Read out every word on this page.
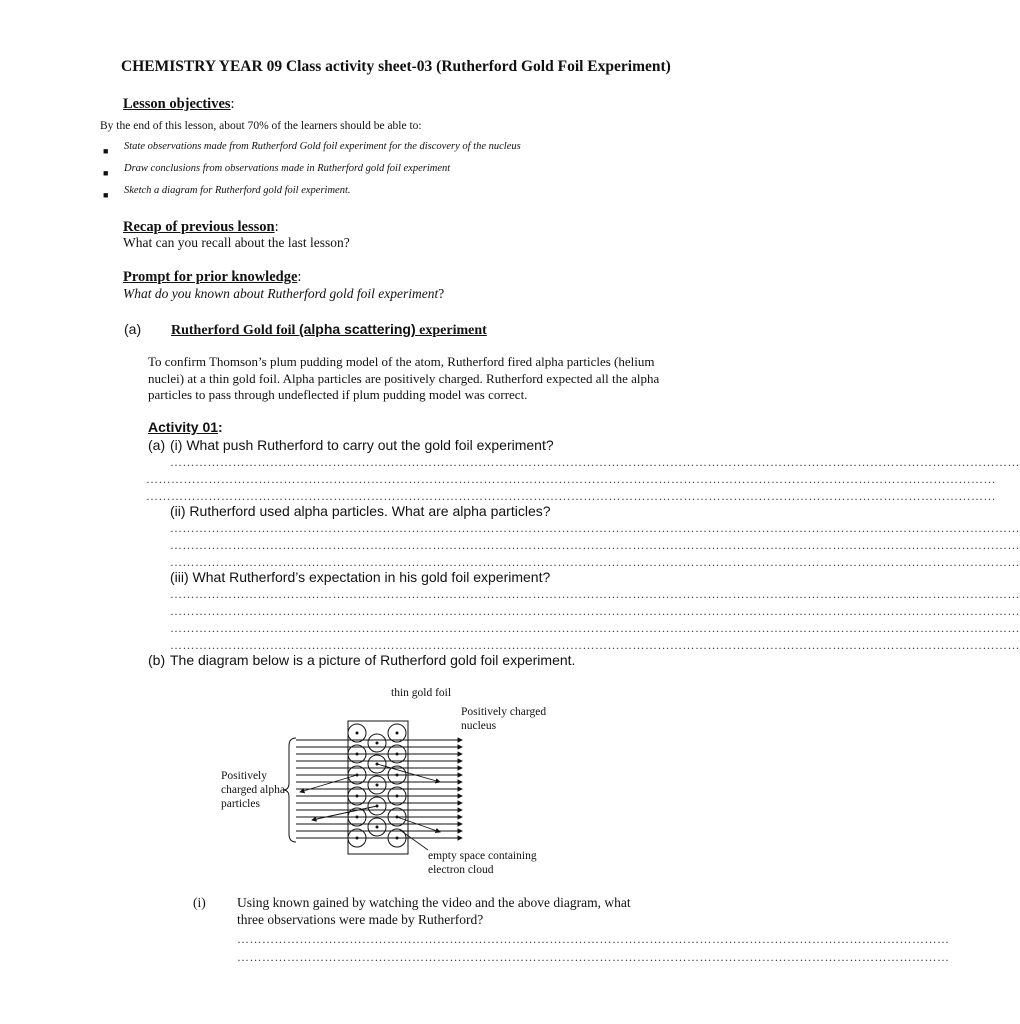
CHEMISTRY YEAR 09 Class activity sheet-03 (Rutherford Gold Foil Experiment)
Lesson objectives:
By the end of this lesson, about 70% of the learners should be able to:
■ State observations made from Rutherford Gold foil experiment for the discovery of the nucleus
■ Draw conclusions from observations made in Rutherford gold foil experiment
■ Sketch a diagram for Rutherford gold foil experiment.
Recap of previous lesson:
What can you recall about the last lesson?
Prompt for prior knowledge:
What do you known about Rutherford gold foil experiment?
(a) Rutherford Gold foil (alpha scattering) experiment
To confirm Thomson’s plum pudding model of the atom, Rutherford fired alpha particles (helium
nuclei) at a thin gold foil. Alpha particles are positively charged. Rutherford expected all the alpha
particles to pass through undeflected if plum pudding model was correct.
Activity 01:
(a) (i) What push Rutherford to carry out the gold foil experiment?
……………………………………………………………………………………………………………………………………………………………………………………
……………………………………………………………………………………………………………………………………………………………………………………
……………………………………………………………………………………………………………………………………………………………………………………
(ii) Rutherford used alpha particles. What are alpha particles?
……………………………………………………………………………………………………………………………………………………………………………………
……………………………………………………………………………………………………………………………………………………………………………………
……………………………………………………………………………………………………………………………………………………………………………………
(iii) What Rutherford’s expectation in his gold foil experiment?
……………………………………………………………………………………………………………………………………………………………………………………
……………………………………………………………………………………………………………………………………………………………………………………
……………………………………………………………………………………………………………………………………………………………………………………
……………………………………………………………………………………………………………………………………………………………………………………
(b) The diagram below is a picture of Rutherford gold foil experiment.
thin gold foil
Positively charged nucleus
Positively charged alpha particles
empty space containing electron cloud
(i) Using known gained by watching the video and the above diagram, what
three observations were made by Rutherford?
………………………………………………………………………………………………………………………………………………………
………………………………………………………………………………………………………………………………………………………
